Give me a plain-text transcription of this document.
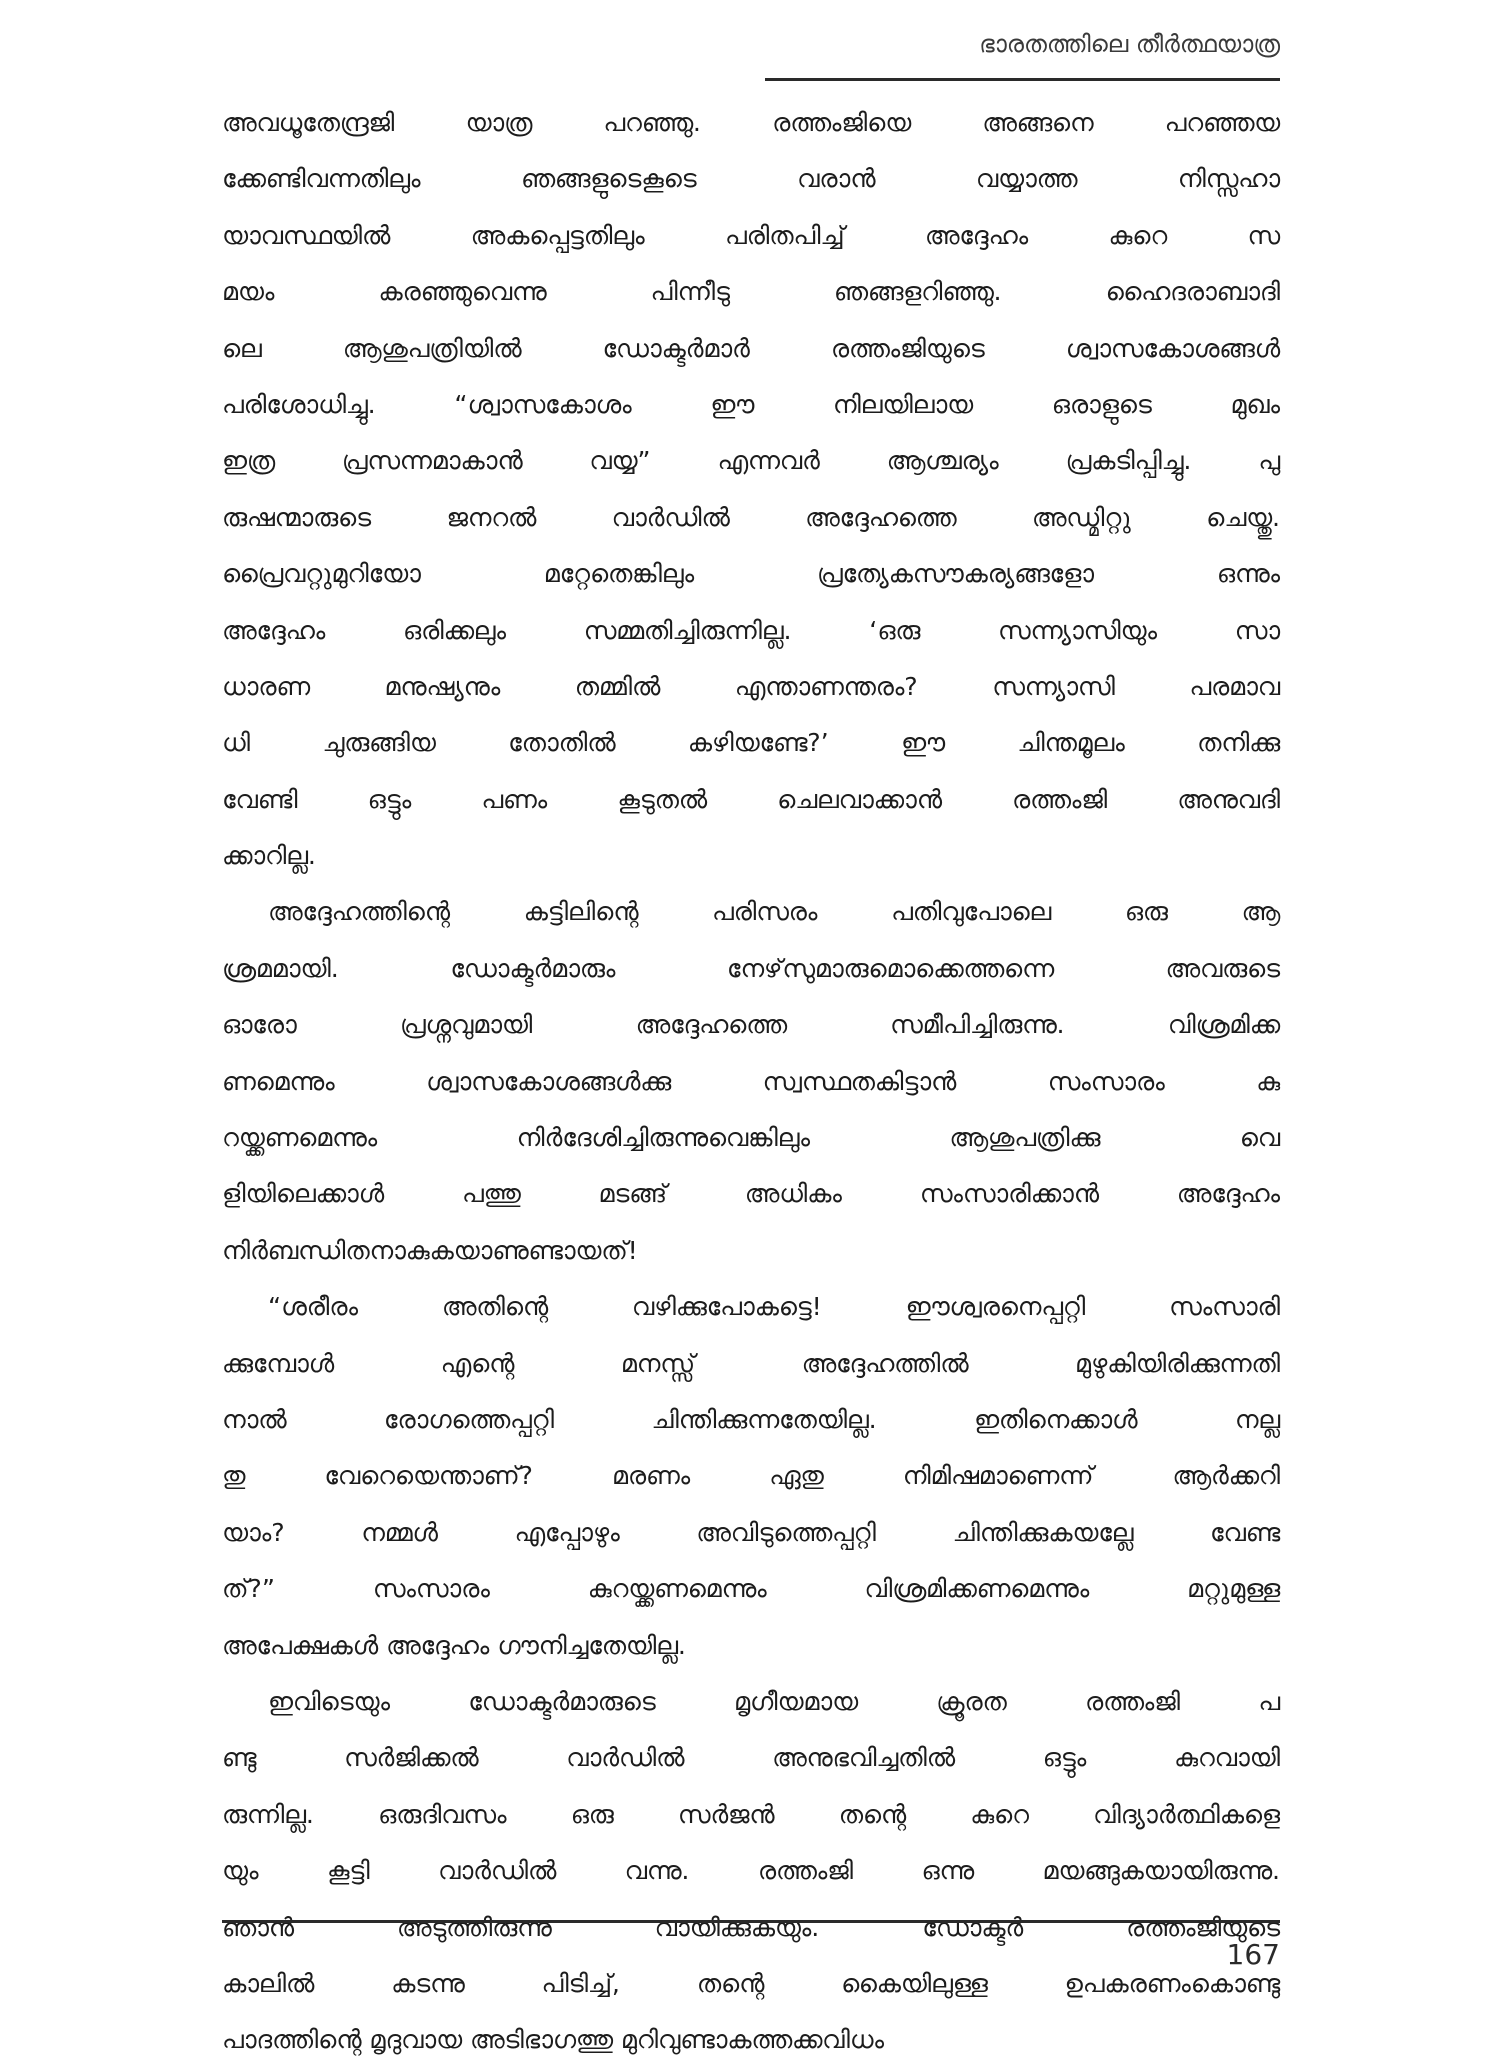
ഭാരതത്തിലെ തീർത്ഥയാത്ര
അവധൂതേന്ദ്രജി യാത്ര പറഞ്ഞു. രത്തംജിയെ അങ്ങനെ പറഞ്ഞയ
ക്കേണ്ടിവന്നതിലും ഞങ്ങളുടെകൂടെ വരാൻ വയ്യാത്ത നിസ്സഹാ
യാവസ്ഥയിൽ അകപ്പെട്ടതിലും പരിതപിച്ച് അദ്ദേഹം കുറെ സ
മയം കരഞ്ഞുവെന്നു പിന്നീടു ഞങ്ങളറിഞ്ഞു. ഹൈദരാബാദി
ലെ ആശുപത്രിയിൽ ഡോക്ടർമാർ രത്തംജിയുടെ ശ്വാസകോശങ്ങൾ
പരിശോധിച്ചു. “ശ്വാസകോശം ഈ നിലയിലായ ഒരാളുടെ മുഖം
ഇത്ര പ്രസന്നമാകാൻ വയ്യ” എന്നവർ ആശ്ചര്യം പ്രകടിപ്പിച്ചു. പു
രുഷന്മാരുടെ ജനറൽ വാർഡിൽ അദ്ദേഹത്തെ അഡ്മിറ്റു ചെയ്തു.
പ്രൈവറ്റുമുറിയോ മറ്റേതെങ്കിലും പ്രത്യേകസൗകര്യങ്ങളോ ഒന്നും
അദ്ദേഹം ഒരിക്കലും സമ്മതിച്ചിരുന്നില്ല. ‘ഒരു സന്ന്യാസിയും സാ
ധാരണ മനുഷ്യനും തമ്മിൽ എന്താണന്തരം? സന്ന്യാസി പരമാവ
ധി ചുരുങ്ങിയ തോതിൽ കഴിയണ്ടേ?’ ഈ ചിന്തമൂലം തനിക്കു
വേണ്ടി ഒട്ടും പണം കൂടുതൽ ചെലവാക്കാൻ രത്തംജി അനുവദി
ക്കാറില്ല.
അദ്ദേഹത്തിന്റെ കട്ടിലിന്റെ പരിസരം പതിവുപോലെ ഒരു ആ
ശ്രമമായി. ഡോക്ടർമാരും നേഴ്‌സുമാരുമൊക്കെത്തന്നെ അവരുടെ
ഓരോ പ്രശ്നവുമായി അദ്ദേഹത്തെ സമീപിച്ചിരുന്നു. വിശ്രമിക്ക
ണമെന്നും ശ്വാസകോശങ്ങൾക്കു സ്വസ്ഥതകിട്ടാൻ സംസാരം കു
റയ്ക്കണമെന്നും നിർദേശിച്ചിരുന്നുവെങ്കിലും ആശുപത്രിക്കു വെ
ളിയിലെക്കാൾ പത്തു മടങ്ങ് അധികം സംസാരിക്കാൻ അദ്ദേഹം
നിർബന്ധിതനാകുകയാണുണ്ടായത്!
“ശരീരം അതിന്റെ വഴിക്കുപോകട്ടെ! ഈശ്വരനെപ്പറ്റി സംസാരി
ക്കുമ്പോൾ എന്റെ മനസ്സ് അദ്ദേഹത്തിൽ മുഴുകിയിരിക്കുന്നതി
നാൽ രോഗത്തെപ്പറ്റി ചിന്തിക്കുന്നതേയില്ല. ഇതിനെക്കാൾ നല്ല
തു വേറെയെന്താണ്? മരണം ഏതു നിമിഷമാണെന്ന് ആർക്കറി
യാം? നമ്മൾ എപ്പോഴും അവിടുത്തെപ്പറ്റി ചിന്തിക്കുകയല്ലേ വേണ്ട
ത്?” സംസാരം കുറയ്ക്കണമെന്നും വിശ്രമിക്കണമെന്നും മറ്റുമുള്ള
അപേക്ഷകൾ അദ്ദേഹം ഗൗനിച്ചതേയില്ല.
ഇവിടെയും ഡോക്ടർമാരുടെ മൃഗീയമായ ക്രൂരത രത്തംജി പ
ണ്ടു സർജിക്കൽ വാർഡിൽ അനുഭവിച്ചതിൽ ഒട്ടും കുറവായി
രുന്നില്ല. ഒരുദിവസം ഒരു സർജൻ തന്റെ കുറെ വിദ്യാർത്ഥികളെ
യും കൂട്ടി വാർഡിൽ വന്നു. രത്തംജി ഒന്നു മയങ്ങുകയായിരുന്നു.
ഞാൻ അടുത്തിരുന്നു വായിക്കുകയും. ഡോക്ടർ രത്തംജിയുടെ
കാലിൽ കടന്നു പിടിച്ച്, തന്റെ കൈയിലുള്ള ഉപകരണംകൊണ്ടു
പാദത്തിന്റെ മൃദുവായ അടിഭാഗത്തു മുറിവുണ്ടാകത്തക്കവിധം
167
